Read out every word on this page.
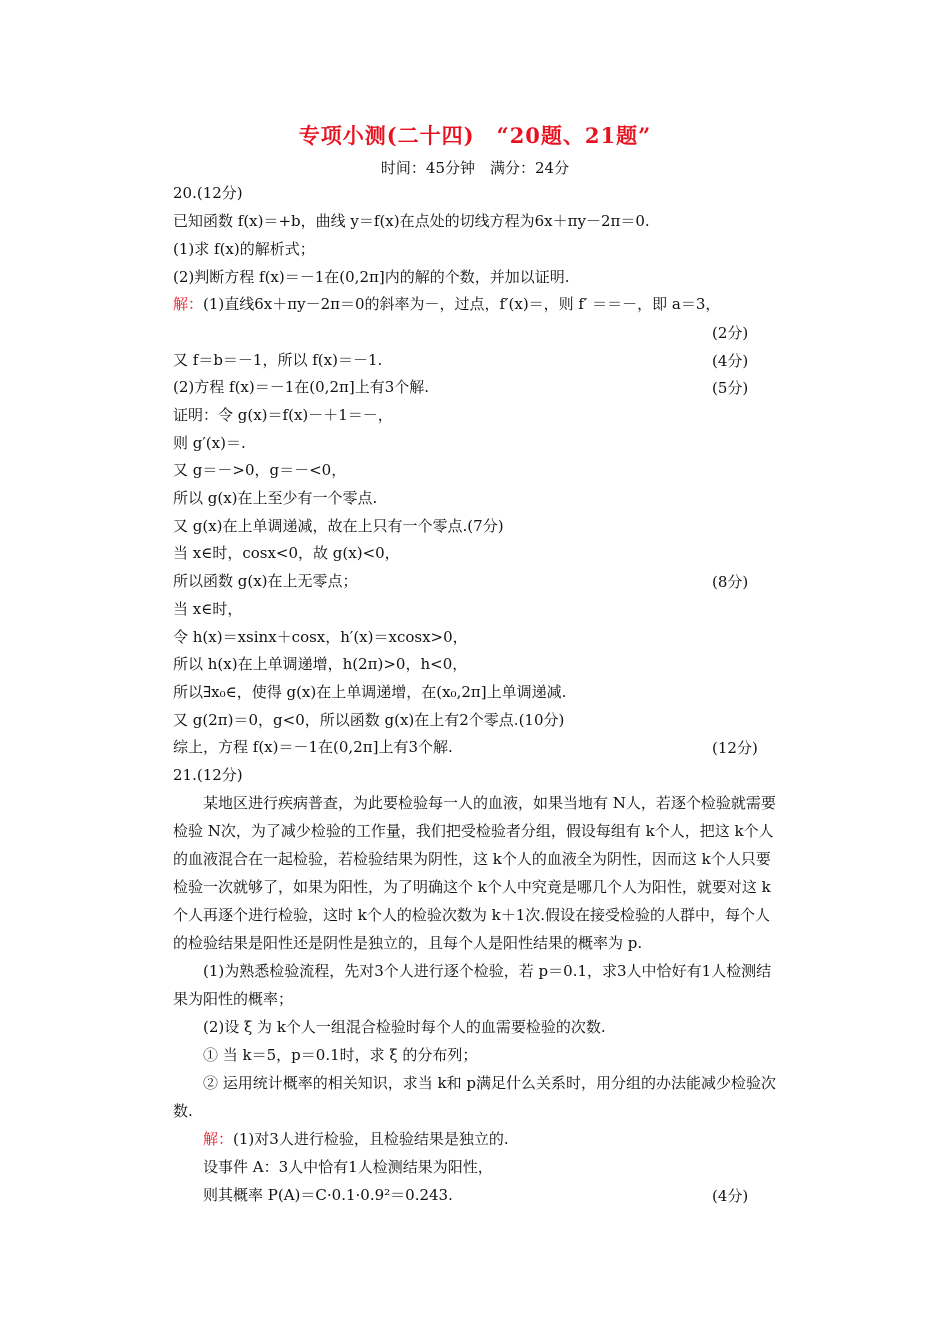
专项小测(二十四)　“20题、21题”
时间：45分钟　满分：24分
20.(12分)
已知函数 f(x)＝+b，曲线 y＝f(x)在点处的切线方程为6x＋πy－2π＝0.
(1)求 f(x)的解析式；
(2)判断方程 f(x)＝－1在(0,2π]内的解的个数，并加以证明.
解：(1)直线6x＋πy－2π＝0的斜率为－，过点，f′(x)＝，则 f′ ＝＝－，即 a＝3，
(2分)
又 f＝b＝－1，所以 f(x)＝－1.	(4分)
(2)方程 f(x)＝－1在(0,2π]上有3个解.	(5分)
证明：令 g(x)＝f(x)－＋1＝－，
则 g′(x)＝.
又 g＝－>0，g＝－<0，
所以 g(x)在上至少有一个零点.
又 g(x)在上单调递减，故在上只有一个零点.(7分)
当 x∈时，cosx<0，故 g(x)<0，
所以函数 g(x)在上无零点；	(8分)
当 x∈时，
令 h(x)＝xsinx＋cosx，h′(x)＝xcosx>0，
所以 h(x)在上单调递增，h(2π)>0，h<0，
所以∃x₀∈，使得 g(x)在上单调递增，在(x₀,2π]上单调递减.
又 g(2π)＝0，g<0，所以函数 g(x)在上有2个零点.(10分)
综上，方程 f(x)＝－1在(0,2π]上有3个解.	(12分)
21.(12分)
　　某地区进行疾病普查，为此要检验每一人的血液，如果当地有 N人，若逐个检验就需要
检验 N次，为了减少检验的工作量，我们把受检验者分组，假设每组有 k个人，把这 k个人
的血液混合在一起检验，若检验结果为阴性，这 k个人的血液全为阴性，因而这 k个人只要
检验一次就够了，如果为阳性，为了明确这个 k个人中究竟是哪几个人为阳性，就要对这 k
个人再逐个进行检验，这时 k个人的检验次数为 k＋1次.假设在接受检验的人群中，每个人
的检验结果是阳性还是阴性是独立的，且每个人是阳性结果的概率为 p.
　　(1)为熟悉检验流程，先对3个人进行逐个检验，若 p＝0.1，求3人中恰好有1人检测结
果为阳性的概率；
　　(2)设 ξ 为 k个人一组混合检验时每个人的血需要检验的次数.
　　① 当 k＝5，p＝0.1时，求 ξ 的分布列；
　　② 运用统计概率的相关知识，求当 k和 p满足什么关系时，用分组的办法能减少检验次
数.
　　解：(1)对3人进行检验，且检验结果是独立的.
　　设事件 A：3人中恰有1人检测结果为阳性，
　　则其概率 P(A)＝C·0.1·0.9²＝0.243.	(4分)
